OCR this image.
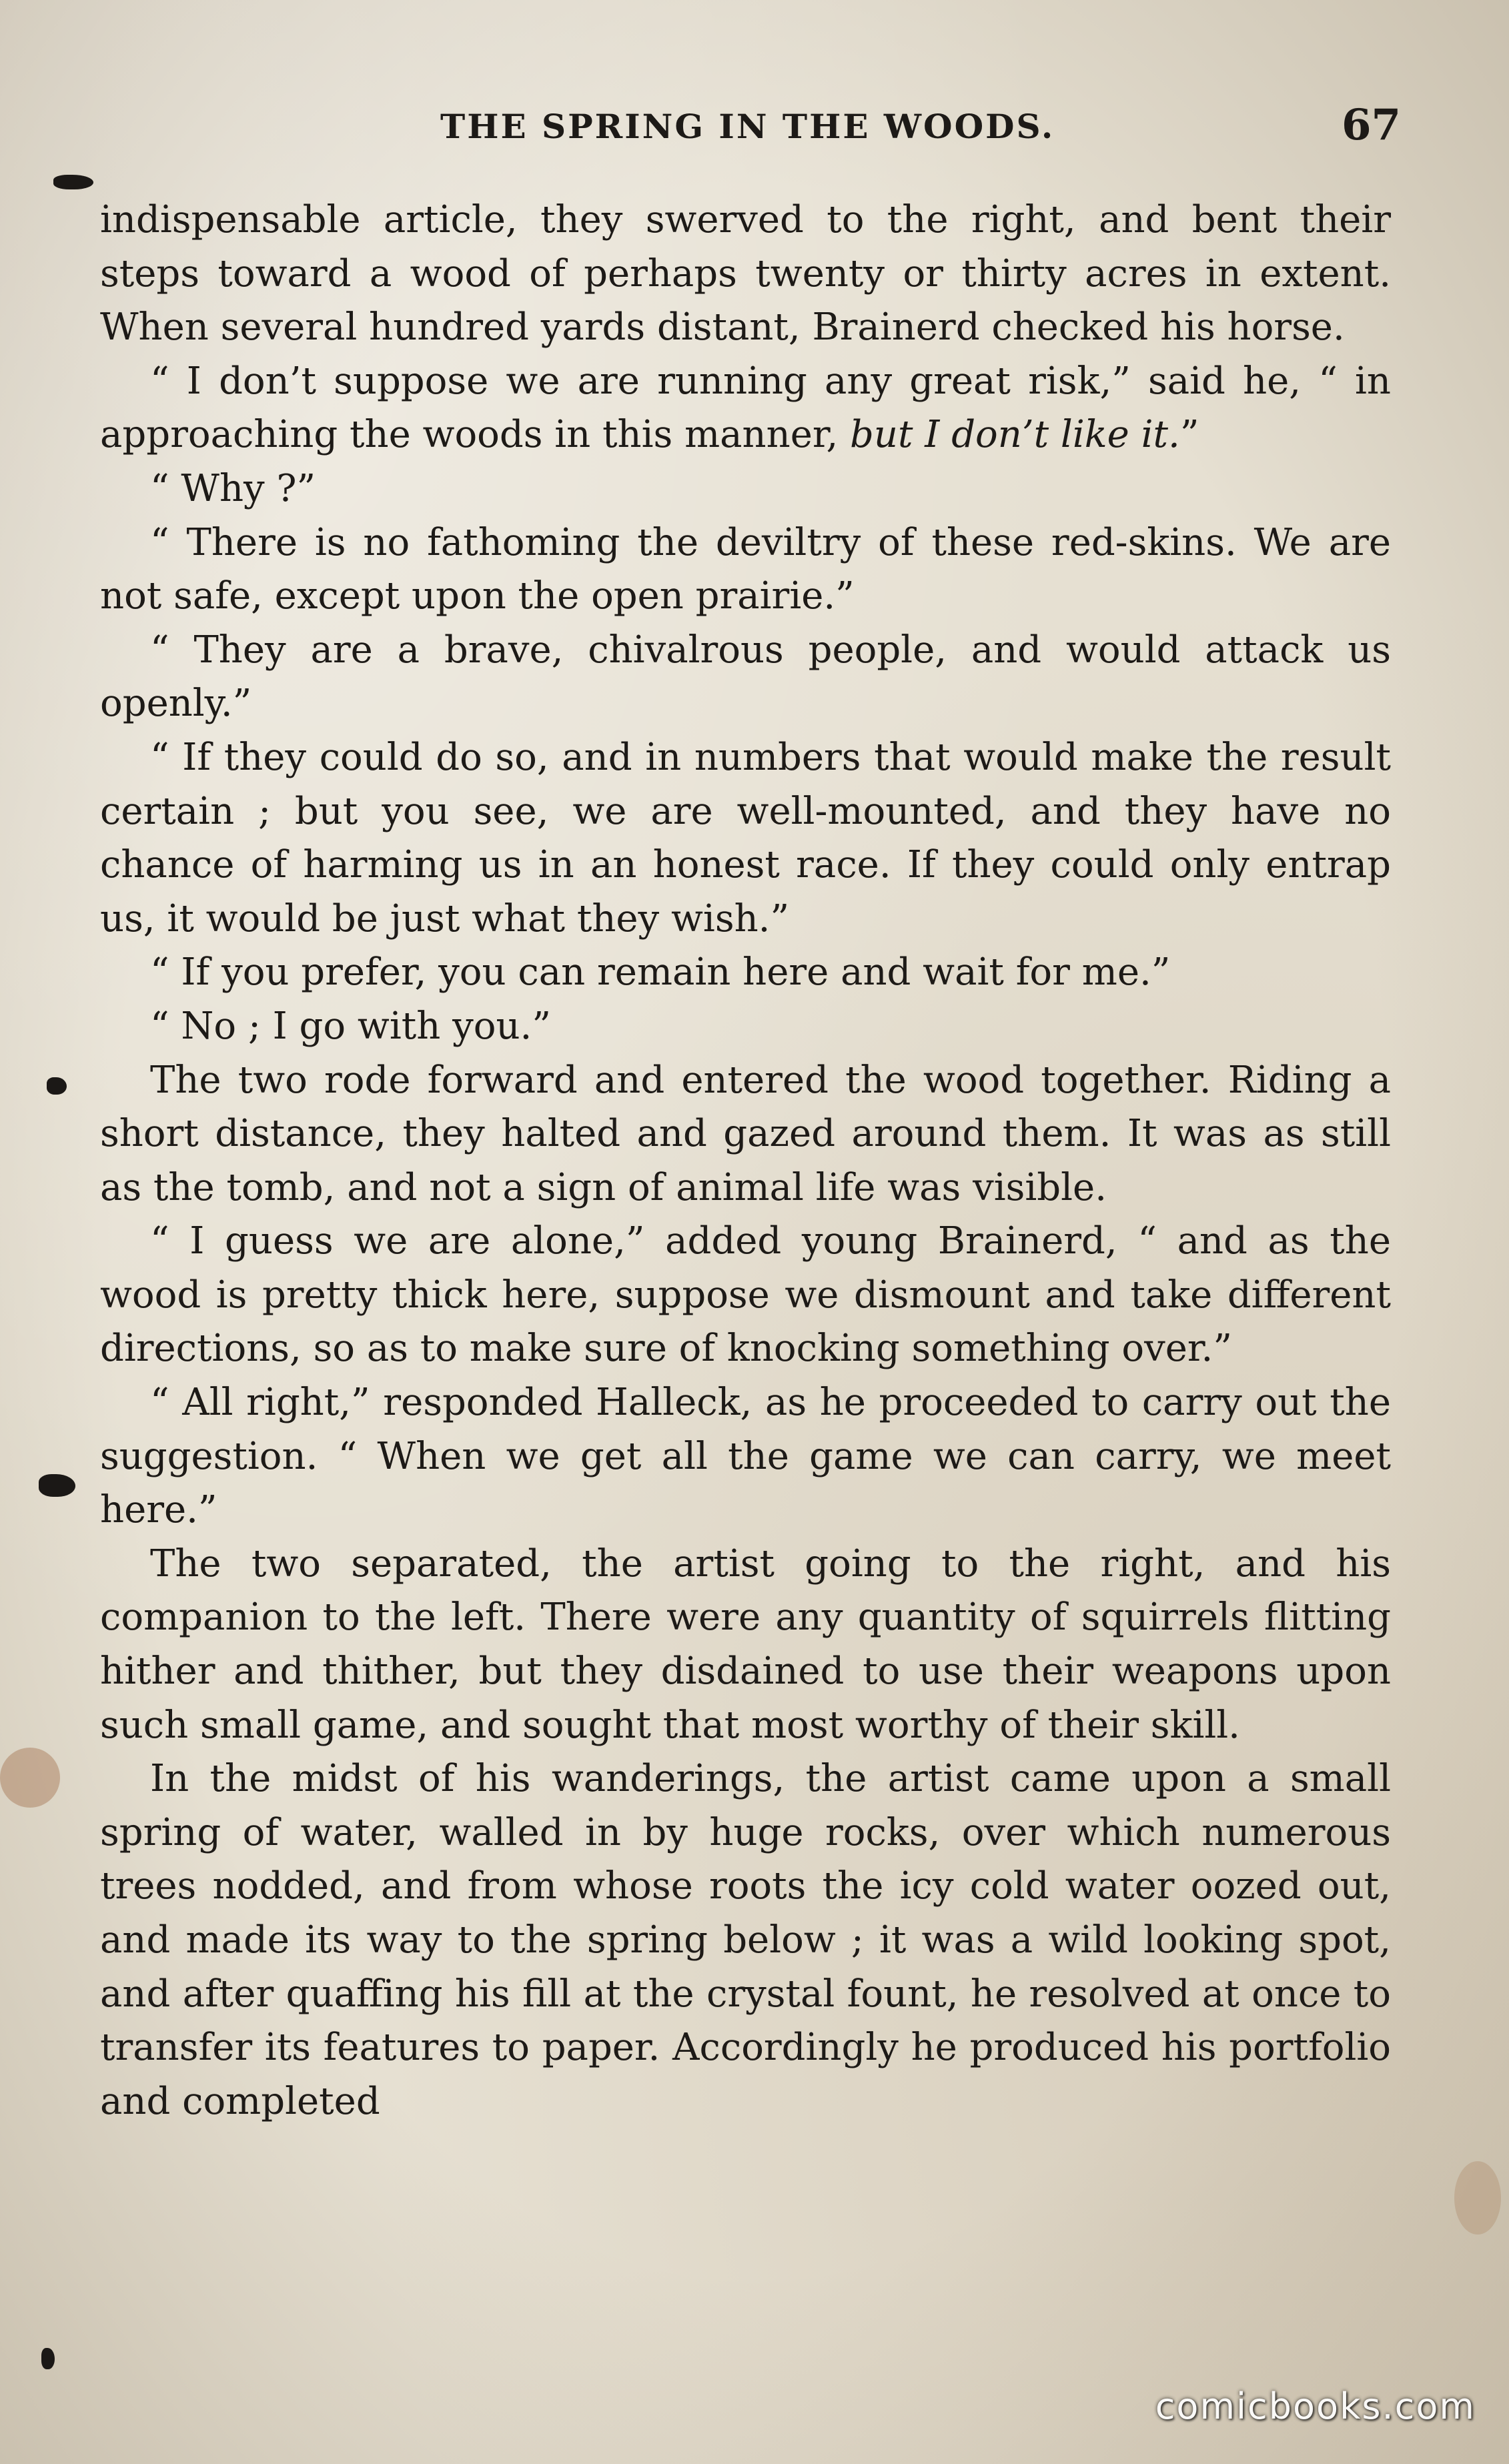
THE SPRING IN THE WOODS.	67

indispensable article, they swerved to the right, and bent their steps toward a wood of perhaps twenty or thirty acres in extent. When several hundred yards distant, Brainerd checked his horse.

“ I don’t suppose we are running any great risk,” said he, “ in approaching the woods in this manner, but I don’t like it.”

“ Why ?”

“ There is no fathoming the deviltry of these red-skins. We are not safe, except upon the open prairie.”

“ They are a brave, chivalrous people, and would attack us openly.”

“ If they could do so, and in numbers that would make the result certain ; but you see, we are well-mounted, and they have no chance of harming us in an honest race. If they could only entrap us, it would be just what they wish.”

“ If you prefer, you can remain here and wait for me.”

“ No ; I go with you.”

The two rode forward and entered the wood together. Riding a short distance, they halted and gazed around them. It was as still as the tomb, and not a sign of animal life was visible.

“ I guess we are alone,” added young Brainerd, “ and as the wood is pretty thick here, suppose we dismount and take different directions, so as to make sure of knocking something over.”

“ All right,” responded Halleck, as he proceeded to carry out the suggestion. “ When we get all the game we can carry, we meet here.”

The two separated, the artist going to the right, and his companion to the left. There were any quantity of squirrels flitting hither and thither, but they disdained to use their weapons upon such small game, and sought that most worthy of their skill.

In the midst of his wanderings, the artist came upon a small spring of water, walled in by huge rocks, over which numerous trees nodded, and from whose roots the icy cold water oozed out, and made its way to the spring below ; it was a wild looking spot, and after quaffing his fill at the crystal fount, he resolved at once to transfer its features to paper. Accordingly he produced his portfolio and completed

comicbooks.com
